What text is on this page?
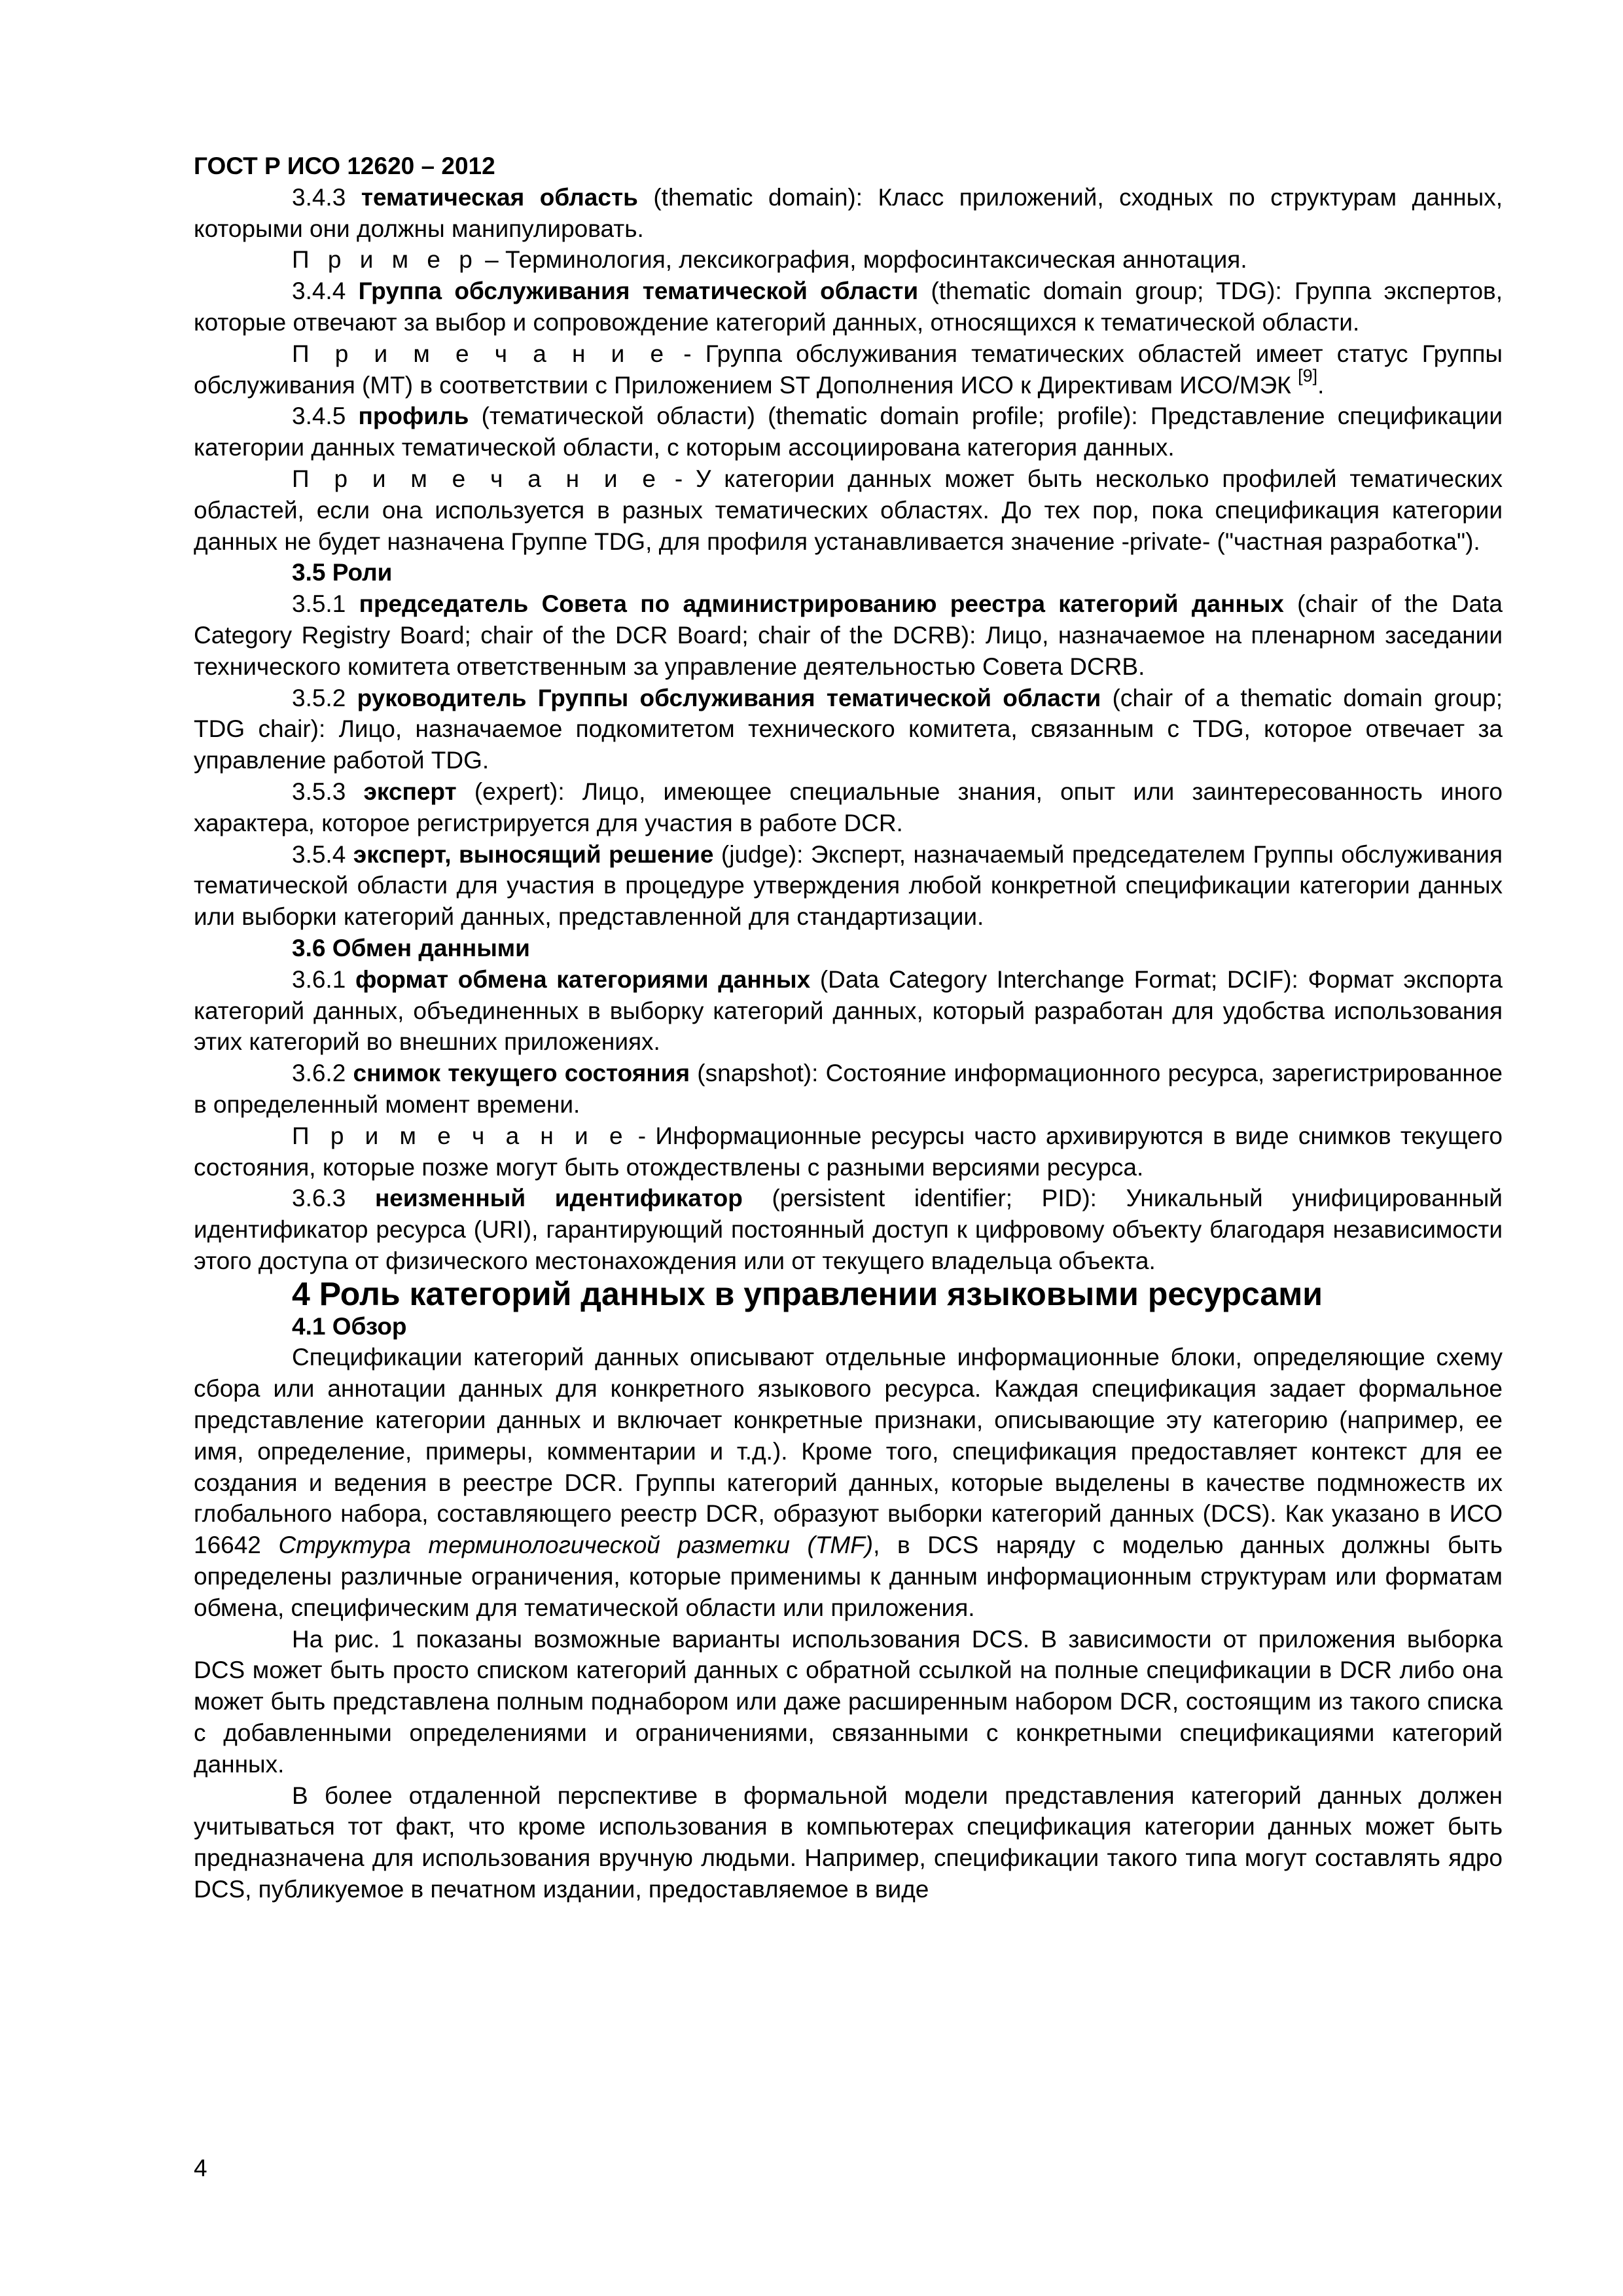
ГОСТ Р ИСО 12620 – 2012

3.4.3 тематическая область (thematic domain): Класс приложений, сходных по структурам данных, которыми они должны манипулировать.

П р и м е р – Терминология, лексикография, морфосинтаксическая аннотация.

3.4.4 Группа обслуживания тематической области (thematic domain group; TDG): Группа экспертов, которые отвечают за выбор и сопровождение категорий данных, относящихся к тематической области.

П р и м е ч а н и е - Группа обслуживания тематических областей имеет статус Группы обслуживания (МТ) в соответствии с Приложением ST Дополнения ИСО к Директивам ИСО/МЭК [9].

3.4.5 профиль (тематической области) (thematic domain profile; profile): Представление спецификации категории данных тематической области, с которым ассоциирована категория данных.

П р и м е ч а н и е - У категории данных может быть несколько профилей тематических областей, если она используется в разных тематических областях. До тех пор, пока спецификация категории данных не будет назначена Группе TDG, для профиля устанавливается значение -private- ("частная разработка").

3.5 Роли

3.5.1 председатель Совета по администрированию реестра категорий данных (chair of the Data Category Registry Board; chair of the DCR Board; chair of the DCRB): Лицо, назначаемое на пленарном заседании технического комитета ответственным за управление деятельностью Совета DCRB.

3.5.2 руководитель Группы обслуживания тематической области (chair of a thematic domain group; TDG chair): Лицо, назначаемое подкомитетом технического комитета, связанным с TDG, которое отвечает за управление работой TDG.

3.5.3 эксперт (expert): Лицо, имеющее специальные знания, опыт или заинтересованность иного характера, которое регистрируется для участия в работе DCR.

3.5.4 эксперт, выносящий решение (judge): Эксперт, назначаемый председателем Группы обслуживания тематической области для участия в процедуре утверждения любой конкретной спецификации категории данных или выборки категорий данных, представленной для стандартизации.

3.6 Обмен данными

3.6.1 формат обмена категориями данных (Data Category Interchange Format; DCIF): Формат экспорта категорий данных, объединенных в выборку категорий данных, который разработан для удобства использования этих категорий во внешних приложениях.

3.6.2 снимок текущего состояния (snapshot): Состояние информационного ресурса, зарегистрированное в определенный момент времени.

П р и м е ч а н и е - Информационные ресурсы часто архивируются в виде снимков текущего состояния, которые позже могут быть отождествлены с разными версиями ресурса.

3.6.3 неизменный идентификатор (persistent identifier; PID): Уникальный унифицированный идентификатор ресурса (URI), гарантирующий постоянный доступ к цифровому объекту благодаря независимости этого доступа от физического местонахождения или от текущего владельца объекта.

4 Роль категорий данных в управлении языковыми ресурсами

4.1 Обзор

Спецификации категорий данных описывают отдельные информационные блоки, определяющие схему сбора или аннотации данных для конкретного языкового ресурса. Каждая спецификация задает формальное представление категории данных и включает конкретные признаки, описывающие эту категорию (например, ее имя, определение, примеры, комментарии и т.д.). Кроме того, спецификация предоставляет контекст для ее создания и ведения в реестре DCR. Группы категорий данных, которые выделены в качестве подмножеств их глобального набора, составляющего реестр DCR, образуют выборки категорий данных (DCS). Как указано в ИСО 16642 Структура терминологической разметки (TMF), в DCS наряду с моделью данных должны быть определены различные ограничения, которые применимы к данным информационным структурам или форматам обмена, специфическим для тематической области или приложения.

На рис. 1 показаны возможные варианты использования DCS. В зависимости от приложения выборка DCS может быть просто списком категорий данных с обратной ссылкой на полные спецификации в DCR либо она может быть представлена полным поднабором или даже расширенным набором DCR, состоящим из такого списка с добавленными определениями и ограничениями, связанными с конкретными спецификациями категорий данных.

В более отдаленной перспективе в формальной модели представления категорий данных должен учитываться тот факт, что кроме использования в компьютерах спецификация категории данных может быть предназначена для использования вручную людьми. Например, спецификации такого типа могут составлять ядро DCS, публикуемое в печатном издании, предоставляемое в виде

4
